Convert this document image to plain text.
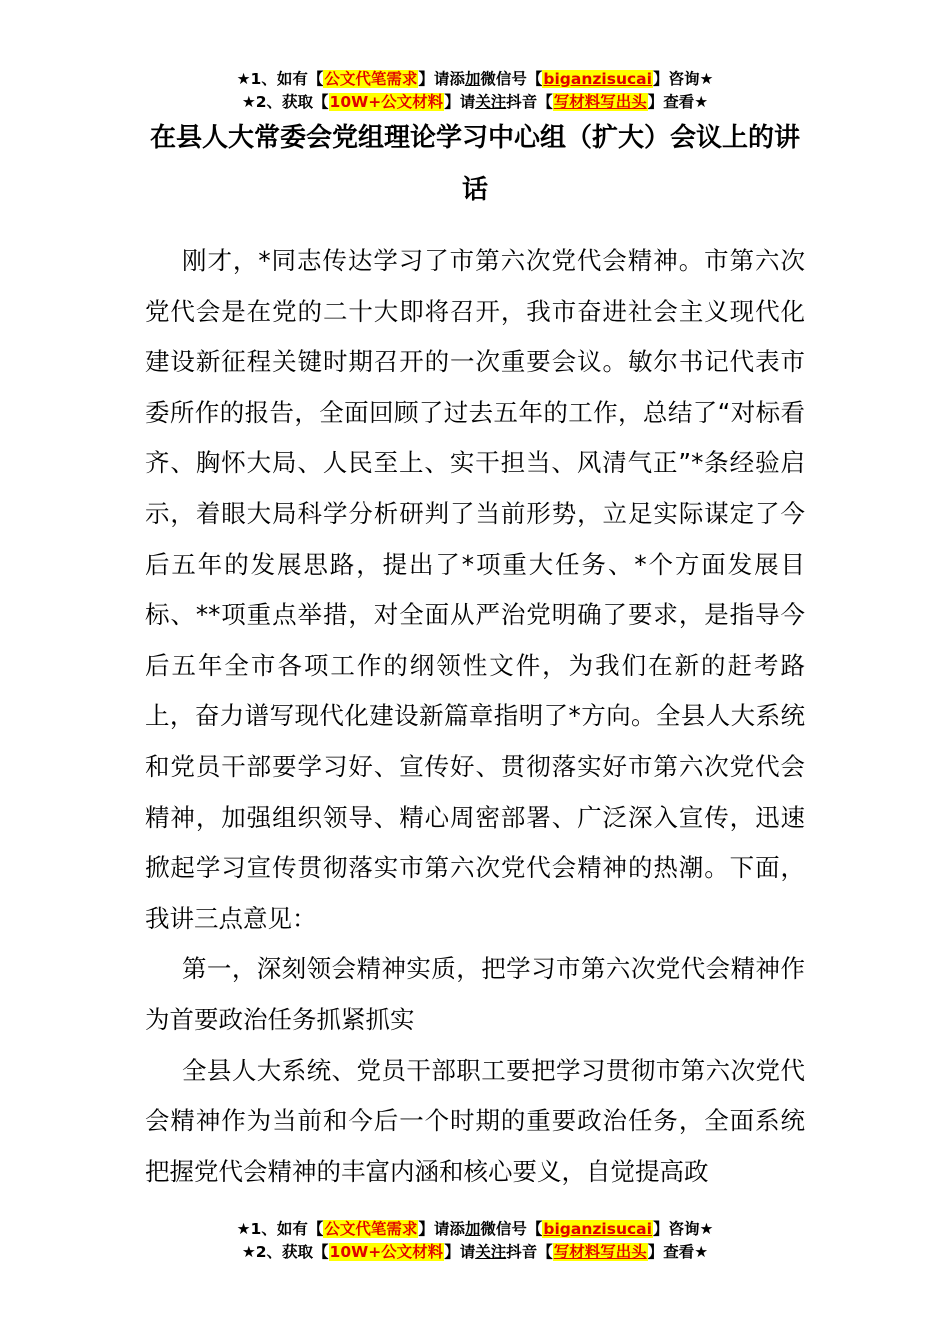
★1、如有【公文代笔需求】请添加微信号【biganzisucai】咨询★
★2、获取【10W+公文材料】请关注抖音【写材料写出头】查看★
在县人大常委会党组理论学习中心组（扩大）会议上的讲话

刚才，*同志传达学习了市第六次党代会精神。市第六次党代会是在党的二十大即将召开，我市奋进社会主义现代化建设新征程关键时期召开的一次重要会议。敏尔书记代表市委所作的报告，全面回顾了过去五年的工作，总结了“对标看齐、胸怀大局、人民至上、实干担当、风清气正”*条经验启示，着眼大局科学分析研判了当前形势，立足实际谋定了今后五年的发展思路，提出了*项重大任务、*个方面发展目标、**项重点举措，对全面从严治党明确了要求，是指导今后五年全市各项工作的纲领性文件，为我们在新的赶考路上，奋力谱写现代化建设新篇章指明了*方向。全县人大系统和党员干部要学习好、宣传好、贯彻落实好市第六次党代会精神，加强组织领导、精心周密部署、广泛深入宣传，迅速掀起学习宣传贯彻落实市第六次党代会精神的热潮。下面，我讲三点意见：

第一，深刻领会精神实质，把学习市第六次党代会精神作为首要政治任务抓紧抓实

全县人大系统、党员干部职工要把学习贯彻市第六次党代会精神作为当前和今后一个时期的重要政治任务，全面系统把握党代会精神的丰富内涵和核心要义，自觉提高政

★1、如有【公文代笔需求】请添加微信号【biganzisucai】咨询★
★2、获取【10W+公文材料】请关注抖音【写材料写出头】查看★
